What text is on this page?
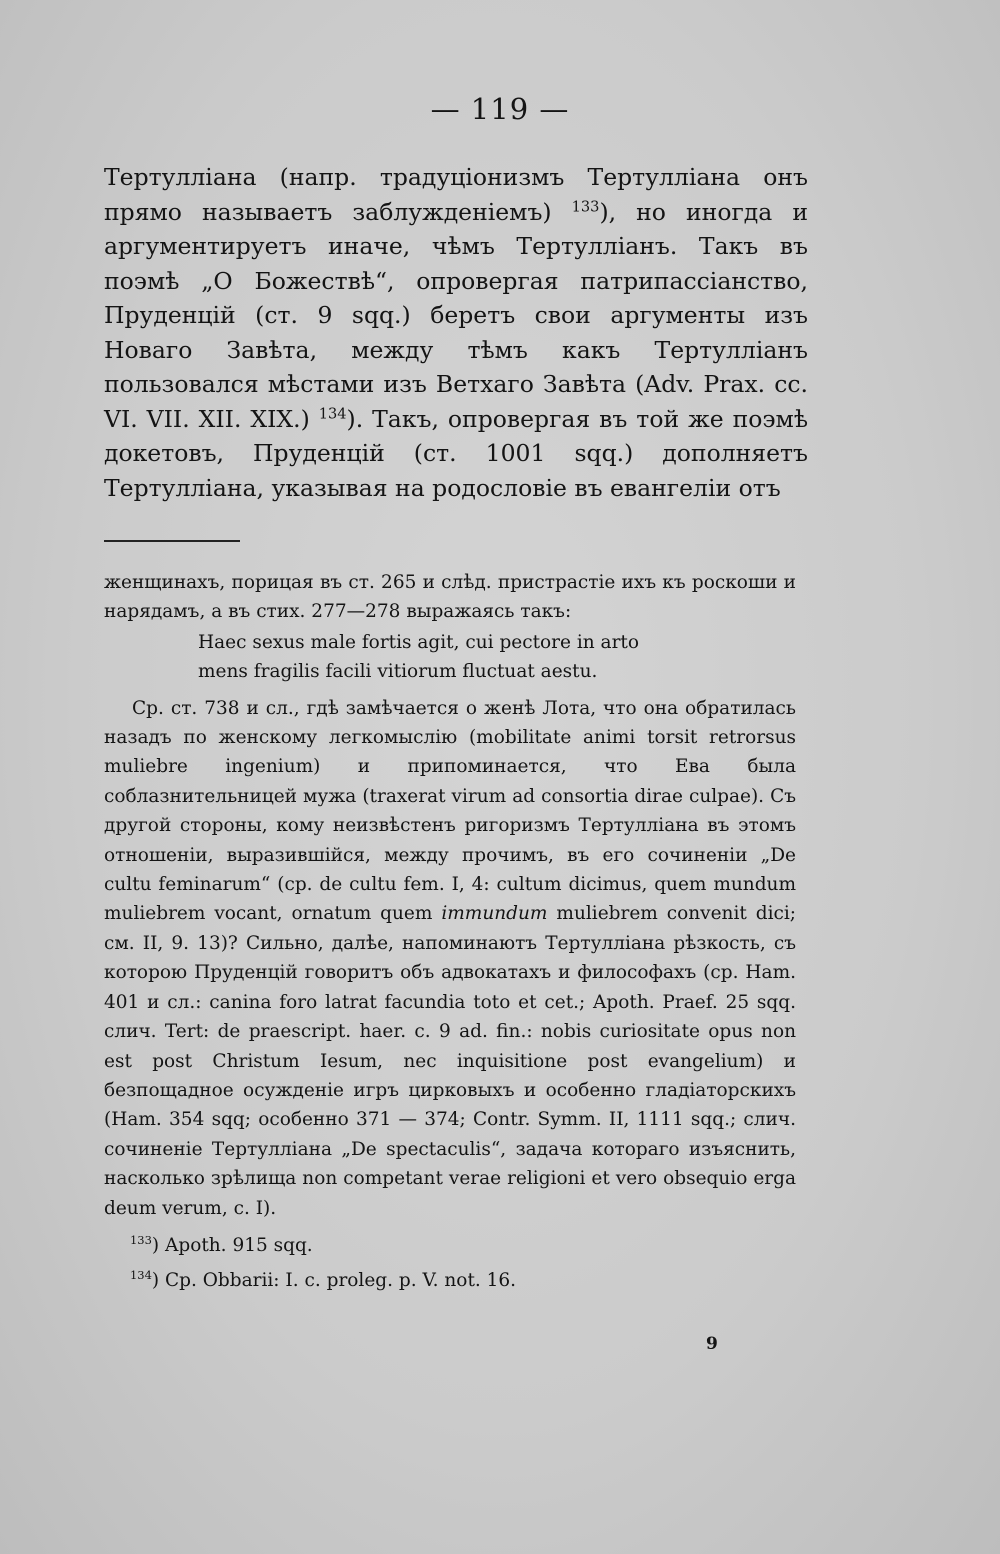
— 119 —

Тертулліана (напр. традуціонизмъ Тертулліана онъ прямо называетъ заблужденіемъ) $^{133}$), но иногда и аргументируетъ иначе, чѣмъ Тертулліанъ. Такъ въ поэмѣ „О Божествѣ“, опровергая патрипассіанство, Пруденцій (ст. 9 sqq.) беретъ свои аргументы изъ Новаго Завѣта, между тѣмъ какъ Тертулліанъ пользовался мѣстами изъ Ветхаго Завѣта (Adv. Prax. cc. VI. VII. XII. XIX.) $^{134}$). Такъ, опровергая въ той же поэмѣ докетовъ, Пруденцій (ст. 1001 sqq.) дополняетъ Тертулліана, указывая на родословіе въ евангеліи отъ

женщинахъ, порицая въ ст. 265 и слѣд. пристрастіе ихъ къ роскоши и нарядамъ, а въ стих. 277—278 выражаясь такъ:

Haec sexus male fortis agit, cui pectore in arto
mens fragilis facili vitiorum fluctuat aestu.

Ср. ст. 738 и сл., гдѣ замѣчается о женѣ Лота, что она обратилась назадъ по женскому легкомыслію (mobilitate animi torsit retrorsus muliebre ingenium) и припоминается, что Ева была соблазнительницей мужа (traxerat virum ad consortia dirae culpae). Съ другой стороны, кому неизвѣстенъ ригоризмъ Тертулліана въ этомъ отношеніи, выразившійся, между прочимъ, въ его сочиненіи „De cultu feminarum“ (ср. de cultu fem. I, 4: cultum dicimus, quem mundum muliebrem vocant, ornatum quem immundum muliebrem convenit dici; см. II, 9. 13)? Сильно, далѣе, напоминаютъ Тертулліана рѣзкость, съ которою Пруденцій говоритъ объ адвокатахъ и философахъ (ср. Ham. 401 и сл.: canina foro latrat facundia toto et cet.; Apoth. Praef. 25 sqq. слич. Tert: de praescript. haer. c. 9 ad. fin.: nobis curiositate opus non est post Christum Iesum, nec inquisitione post evangelium) и безпощадное осужденіе игръ цирковыхъ и особенно гладіаторскихъ (Ham. 354 sqq; особенно 371 — 374; Contr. Symm. II, 1111 sqq.; слич. сочиненіе Тертулліана „De spectaculis“, задача котораго изъяснить, насколько зрѣлища non competant verae religioni et vero obsequio erga deum verum, c. I).

$^{133}$) Apoth. 915 sqq.

$^{134}$) Ср. Obbarii: I. c. proleg. p. V. not. 16.

9
